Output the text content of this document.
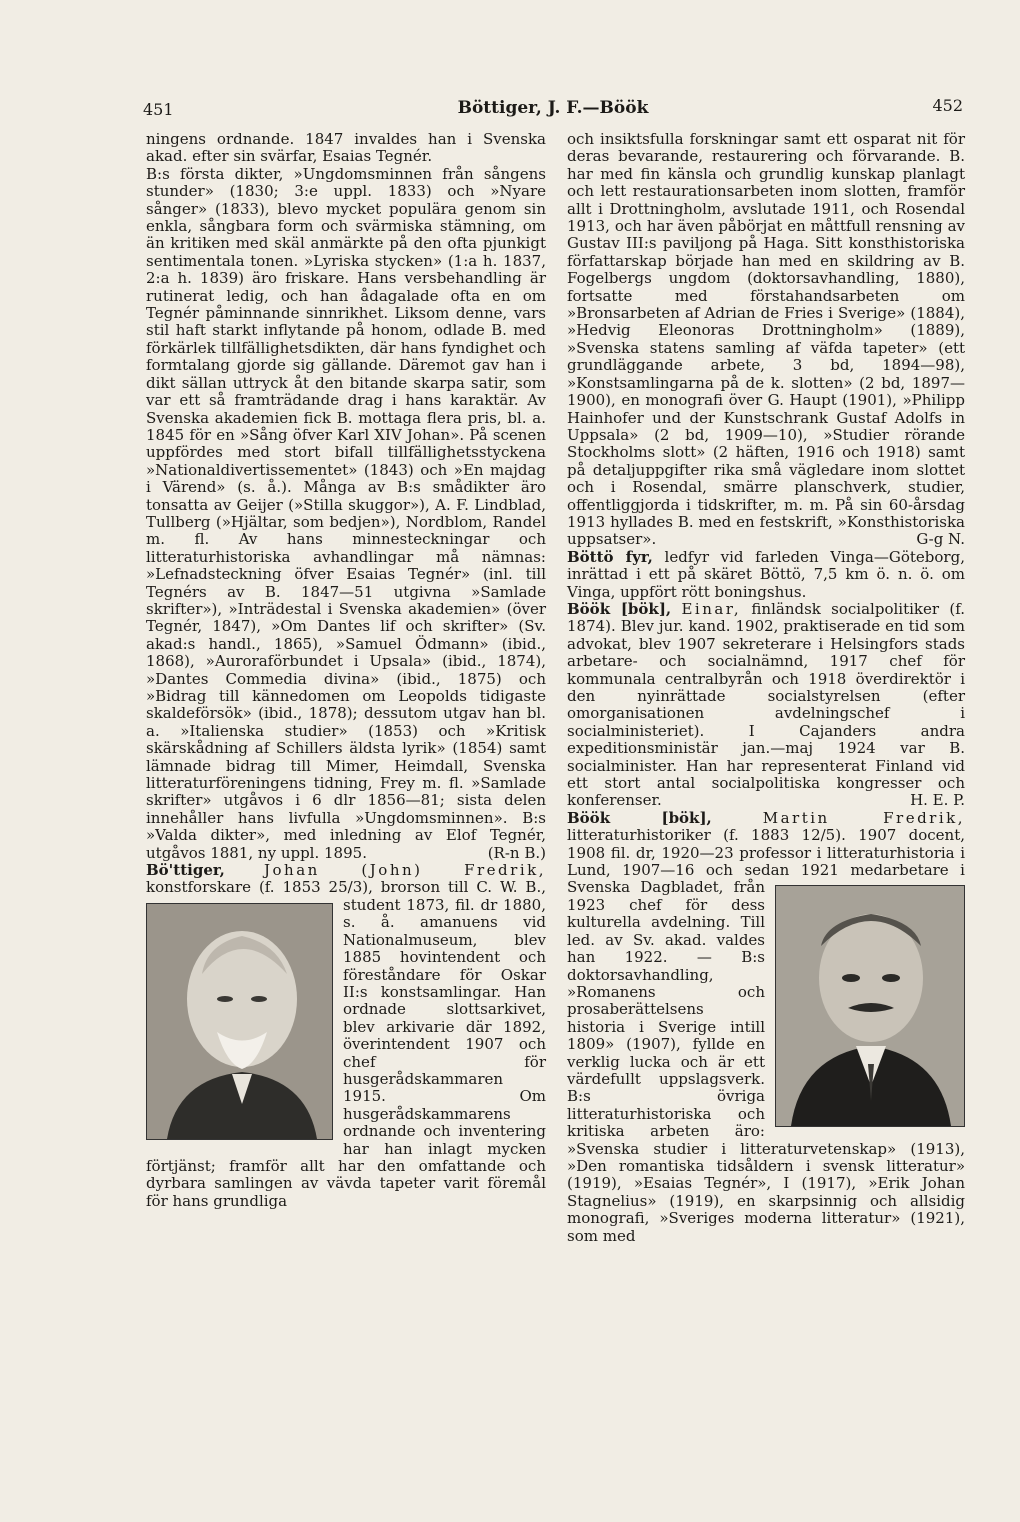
451	Böttiger, J. F.—Böök	452

ningens ordnande. 1847 invaldes han i Svenska akad. efter sin svärfar, Esaias Tegnér.

B:s första dikter, »Ungdomsminnen från sångens stunder» (1830; 3:e uppl. 1833) och »Nyare sånger» (1833), blevo mycket populära genom sin enkla, sångbara form och svärmiska stämning, om än kritiken med skäl anmärkte på den ofta pjunkigt sentimentala tonen. »Lyriska stycken» (1:a h. 1837, 2:a h. 1839) äro friskare. Hans versbehandling är rutinerat ledig, och han ådagalade ofta en om Tegnér påminnande sinnrikhet. Liksom denne, vars stil haft starkt inflytande på honom, odlade B. med förkärlek tillfällighetsdikten, där hans fyndighet och formtalang gjorde sig gällande. Däremot gav han i dikt sällan uttryck åt den bitande skarpa satir, som var ett så framträdande drag i hans karaktär. Av Svenska akademien fick B. mottaga flera pris, bl. a. 1845 för en »Sång öfver Karl XIV Johan». På scenen uppfördes med stort bifall tillfällighetsstyckena »Nationaldivertissementet» (1843) och »En majdag i Värend» (s. å.). Många av B:s smådikter äro tonsatta av Geijer (»Stilla skuggor»), A. F. Lindblad, Tullberg (»Hjältar, som bedjen»), Nordblom, Randel m. fl. Av hans minnesteckningar och litteraturhistoriska avhandlingar må nämnas: »Lefnadsteckning öfver Esaias Tegnér» (inl. till Tegnérs av B. 1847—51 utgivna »Samlade skrifter»), »Inträdestal i Svenska akademien» (över Tegnér, 1847), »Om Dantes lif och skrifter» (Sv. akad:s handl., 1865), »Samuel Ödmann» (ibid., 1868), »Auroraförbundet i Upsala» (ibid., 1874), »Dantes Commedia divina» (ibid., 1875) och »Bidrag till kännedomen om Leopolds tidigaste skaldeförsök» (ibid., 1878); dessutom utgav han bl. a. »Italienska studier» (1853) och »Kritisk skärskådning af Schillers äldsta lyrik» (1854) samt lämnade bidrag till Mimer, Heimdall, Svenska litteraturföreningens tidning, Frey m. fl. »Samlade skrifter» utgåvos i 6 dlr 1856—81; sista delen innehåller hans livfulla »Ungdomsminnen». B:s »Valda dikter», med inledning av Elof Tegnér, utgåvos 1881, ny uppl. 1895.	(R-n B.)

Bö'ttiger,	Johan (John) Fredrik, konstforskare (f. 1853 25/3), brorson till C. W. B.,
student 1873, fil. dr 1880, s. å. amanuens vid Nationalmuseum, blev 1885 hovintendent och föreståndare för Oskar II:s konstsamlingar. Han ordnade slottsarkivet, blev arkivarie där 1892, överintendent 1907 och chef för husgerådskammaren 1915. Om husgerådskammarens ordnande och inventering har han inlagt mycken förtjänst; framför allt har den omfattande och dyrbara samlingen av vävda tapeter varit föremål för hans grundliga

och insiktsfulla forskningar samt ett osparat nit för deras bevarande, restaurering och förvarande. B. har med fin känsla och grundlig kunskap planlagt och lett restaurationsarbeten inom slotten, framför allt i Drottningholm, avslutade 1911, och Rosendal 1913, och har även påbörjat en måttfull rensning av Gustav III:s paviljong på Haga. Sitt konsthistoriska författarskap började han med en skildring av B. Fogelbergs ungdom (doktorsavhandling, 1880), fortsatte med förstahandsarbeten om »Bronsarbeten af Adrian de Fries i Sverige» (1884), »Hedvig Eleonoras Drottningholm» (1889), »Svenska statens samling af väfda tapeter» (ett grundläggande arbete, 3 bd, 1894—98), »Konstsamlingarna på de k. slotten» (2 bd, 1897—1900), en monografi över G. Haupt (1901), »Philipp Hainhofer und der Kunstschrank Gustaf Adolfs in Uppsala» (2 bd, 1909—10), »Studier rörande Stockholms slott» (2 häften, 1916 och 1918) samt på detaljuppgifter rika små vägledare inom slottet och i Rosendal, smärre planschverk, studier, offentliggjorda i tidskrifter, m. m. På sin 60-årsdag 1913 hyllades B. med en festskrift, »Konsthistoriska uppsatser».	G-g N.

Böttö fyr, ledfyr vid farleden Vinga—Göteborg, inrättad i ett på skäret Böttö, 7,5 km ö. n. ö. om Vinga, uppfört rött boningshus.

Böök [bök], Einar, finländsk socialpolitiker (f. 1874). Blev jur. kand. 1902, praktiserade en tid som advokat, blev 1907 sekreterare i Helsingfors stads arbetare- och socialnämnd, 1917 chef för kommunala centralbyrån och 1918 överdirektör i den nyinrättade socialstyrelsen (efter omorganisationen avdelningschef i socialministeriet). I Cajanders andra expeditionsministär jan.—maj 1924 var B. socialminister. Han har representerat Finland vid ett stort antal socialpolitiska kongresser och konferenser.	H. E. P.

Böök [bök],	Martin Fredrik, litteraturhistoriker (f. 1883 12/5). 1907 docent, 1908 fil. dr, 1920—23 professor i litteraturhistoria i Lund, 1907—16 och sedan 1921 medarbetare i Svenska Dagbladet, från 1923 chef för dess kulturella avdelning. Till led. av Sv. akad. valdes han 1922. — B:s doktorsavhandling, »Romanens och prosaberättelsens historia i Sverige intill 1809» (1907), fyllde en verklig lucka och är ett värdefullt uppslagsverk. B:s övriga litteraturhistoriska och kritiska arbeten äro: »Svenska studier i litteraturvetenskap» (1913), »Den romantiska tidsåldern i svensk litteratur» (1919), »Esaias Tegnér», I (1917), »Erik Johan Stagnelius» (1919), en skarpsinnig och allsidig monografi, »Sveriges moderna litteratur» (1921), som med
